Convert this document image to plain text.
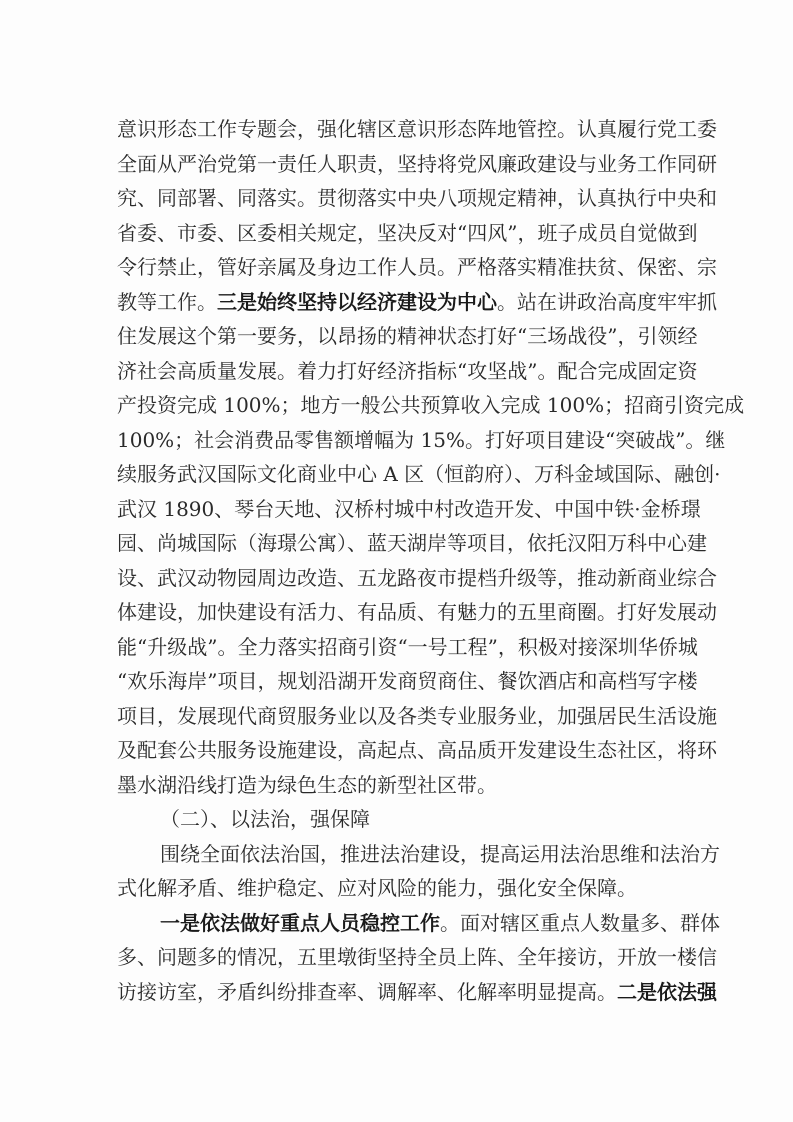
意识形态工作专题会，强化辖区意识形态阵地管控。认真履行党工委
全面从严治党第一责任人职责，坚持将党风廉政建设与业务工作同研
究、同部署、同落实。贯彻落实中央八项规定精神，认真执行中央和
省委、市委、区委相关规定，坚决反对“四风”，班子成员自觉做到
令行禁止，管好亲属及身边工作人员。严格落实精准扶贫、保密、宗
教等工作。三是始终坚持以经济建设为中心。站在讲政治高度牢牢抓
住发展这个第一要务，以昂扬的精神状态打好“三场战役”，引领经
济社会高质量发展。着力打好经济指标“攻坚战”。配合完成固定资
产投资完成 100%；地方一般公共预算收入完成 100%；招商引资完成
100%；社会消费品零售额增幅为 15%。打好项目建设“突破战”。继
续服务武汉国际文化商业中心 A 区（恒韵府）、万科金域国际、融创·
武汉 1890、琴台天地、汉桥村城中村改造开发、中国中铁·金桥璟
园、尚城国际（海璟公寓）、蓝天湖岸等项目，依托汉阳万科中心建
设、武汉动物园周边改造、五龙路夜市提档升级等，推动新商业综合
体建设，加快建设有活力、有品质、有魅力的五里商圈。打好发展动
能“升级战”。全力落实招商引资“一号工程”，积极对接深圳华侨城
“欢乐海岸”项目，规划沿湖开发商贸商住、餐饮酒店和高档写字楼
项目，发展现代商贸服务业以及各类专业服务业，加强居民生活设施
及配套公共服务设施建设，高起点、高品质开发建设生态社区，将环
墨水湖沿线打造为绿色生态的新型社区带。
（二）、以法治，强保障
围绕全面依法治国，推进法治建设，提高运用法治思维和法治方
式化解矛盾、维护稳定、应对风险的能力，强化安全保障。
一是依法做好重点人员稳控工作。面对辖区重点人数量多、群体
多、问题多的情况，五里墩街坚持全员上阵、全年接访，开放一楼信
访接访室，矛盾纠纷排查率、调解率、化解率明显提高。二是依法强
